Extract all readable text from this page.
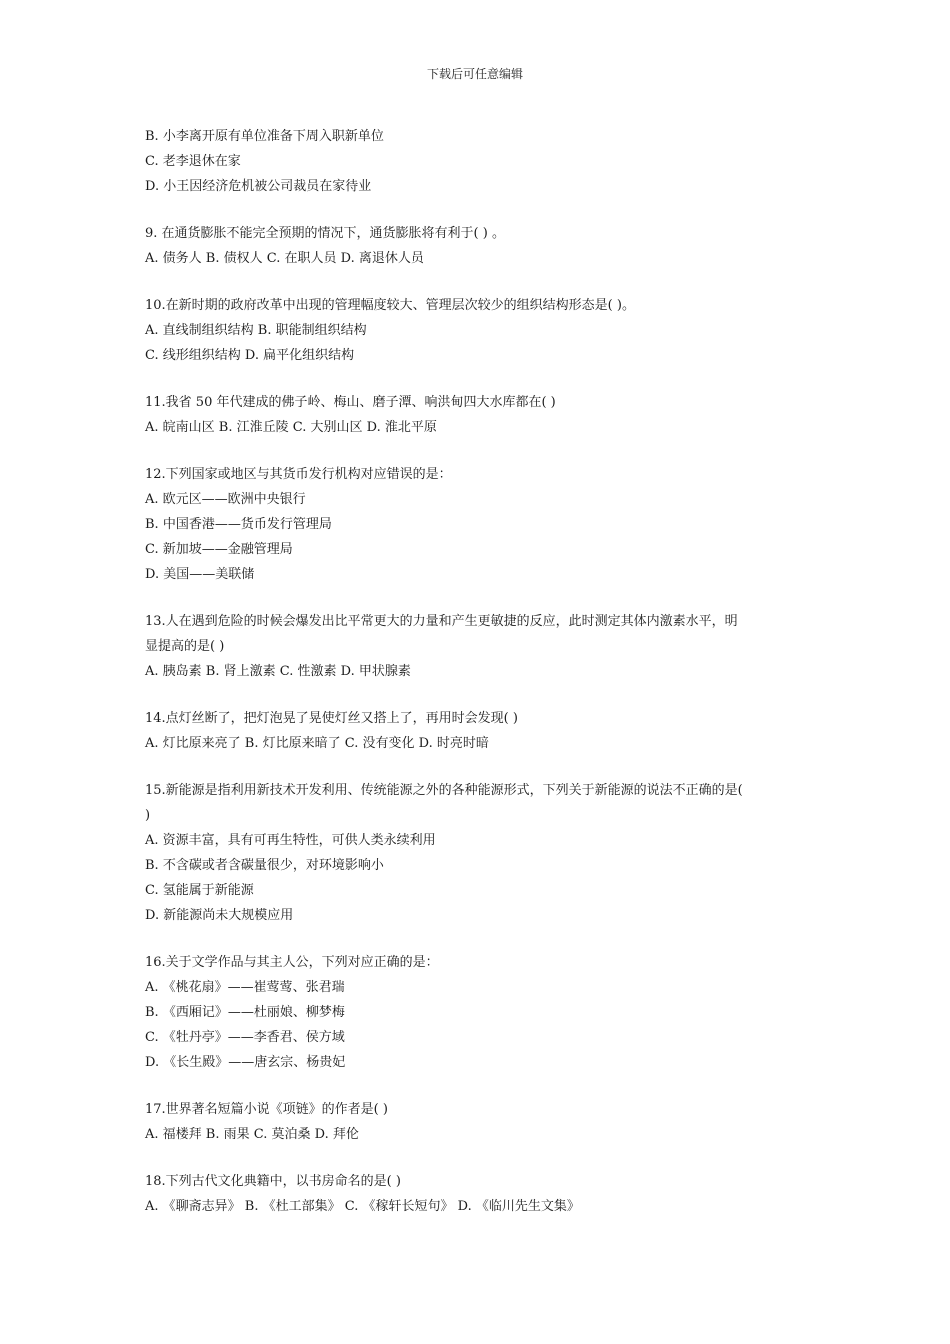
下载后可任意编辑
B. 小李离开原有单位准备下周入职新单位
C. 老李退休在家
D. 小王因经济危机被公司裁员在家待业
9. 在通货膨胀不能完全预期的情况下，通货膨胀将有利于( ) 。
A. 债务人 B. 债权人 C. 在职人员 D. 离退休人员
10.在新时期的政府改革中出现的管理幅度较大、管理层次较少的组织结构形态是( )。
A. 直线制组织结构 B. 职能制组织结构
C. 线形组织结构 D. 扁平化组织结构
11.我省 50 年代建成的佛子岭、梅山、磨子潭、响洪甸四大水库都在( )
A. 皖南山区 B. 江淮丘陵 C. 大别山区 D. 淮北平原
12.下列国家或地区与其货币发行机构对应错误的是：
A. 欧元区——欧洲中央银行
B. 中国香港——货币发行管理局
C. 新加坡——金融管理局
D. 美国——美联储
13.人在遇到危险的时候会爆发出比平常更大的力量和产生更敏捷的反应，此时测定其体内激素水平，明
显提高的是( )
A. 胰岛素 B. 肾上激素 C. 性激素 D. 甲状腺素
14.点灯丝断了，把灯泡晃了晃使灯丝又搭上了，再用时会发现( )
A. 灯比原来亮了 B. 灯比原来暗了 C. 没有变化 D. 时亮时暗
15.新能源是指利用新技术开发利用、传统能源之外的各种能源形式，下列关于新能源的说法不正确的是(
)
A. 资源丰富，具有可再生特性，可供人类永续利用
B. 不含碳或者含碳量很少，对环境影响小
C. 氢能属于新能源
D. 新能源尚未大规模应用
16.关于文学作品与其主人公，下列对应正确的是：
A. 《桃花扇》——崔莺莺、张君瑞
B. 《西厢记》——杜丽娘、柳梦梅
C. 《牡丹亭》——李香君、侯方域
D. 《长生殿》——唐玄宗、杨贵妃
17.世界著名短篇小说《项链》的作者是( )
A. 福楼拜 B. 雨果 C. 莫泊桑 D. 拜伦
18.下列古代文化典籍中，以书房命名的是( )
A. 《聊斋志异》 B. 《杜工部集》 C. 《稼轩长短句》 D. 《临川先生文集》
